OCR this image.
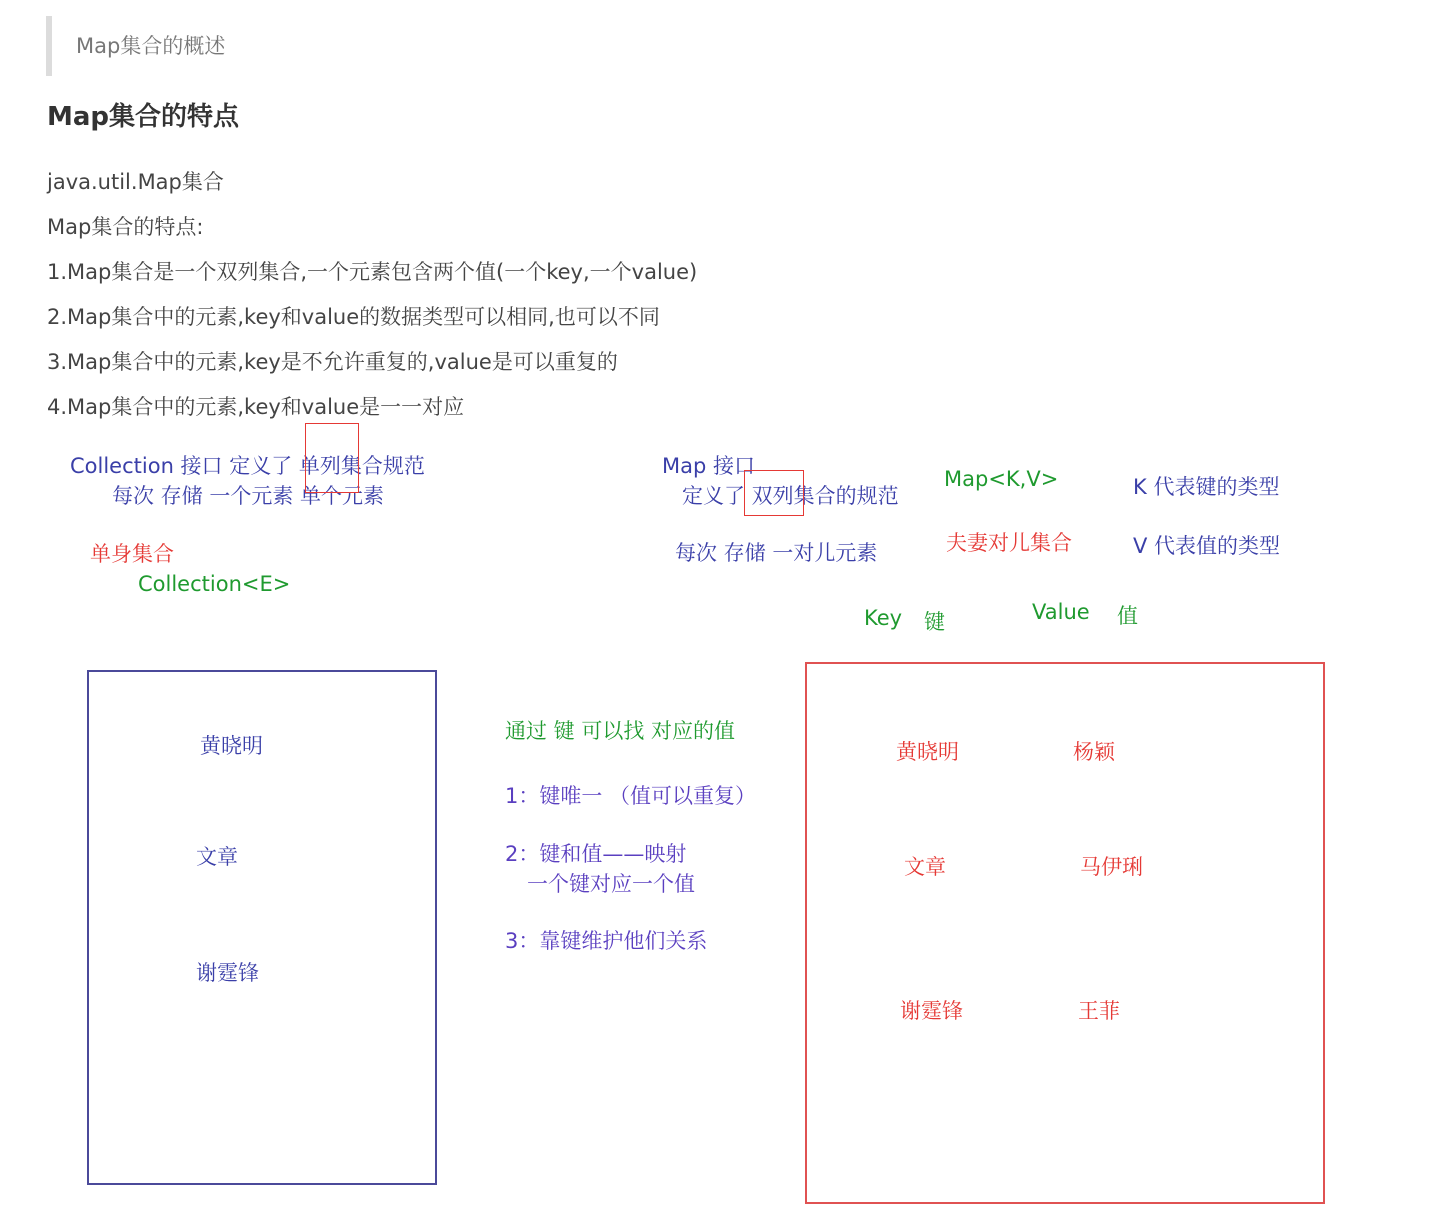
Map集合的概述
Map集合的特点
java.util.Map集合
Map集合的特点:
1.Map集合是一个双列集合,一个元素包含两个值(一个key,一个value)
2.Map集合中的元素,key和value的数据类型可以相同,也可以不同
3.Map集合中的元素,key是不允许重复的,value是可以重复的
4.Map集合中的元素,key和value是一一对应
Collection 接口 定义了 单列集合规范
每次 存储 一个元素 单个元素
单身集合
Collection<E>
Map 接口
定义了 双列集合的规范
每次 存储 一对儿元素
Map<K,V>
夫妻对儿集合
K 代表键的类型
V 代表值的类型
Key 键	Value 值
通过 键 可以找 对应的值
1：键唯一 （值可以重复）
2：键和值——映射
一个键对应一个值
3：靠键维护他们关系
黄晓明
文章
谢霆锋
黄晓明
文章
谢霆锋
杨颖
马伊琍
王菲
